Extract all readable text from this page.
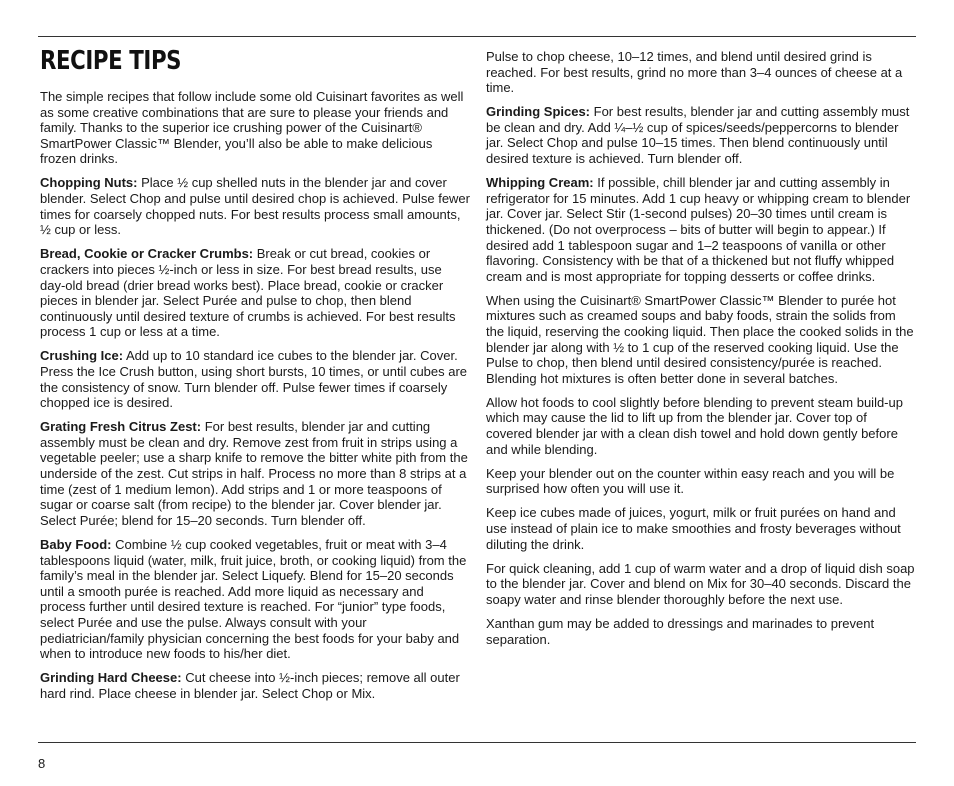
RECIPE TIPS

The simple recipes that follow include some old Cuisinart favorites as well as some creative combinations that are sure to please your friends and family. Thanks to the superior ice crushing power of the Cuisinart® SmartPower Classic™ Blender, you’ll also be able to make delicious frozen drinks.

Chopping Nuts: Place ½ cup shelled nuts in the blender jar and cover blender. Select Chop and pulse until desired chop is achieved. Pulse fewer times for coarsely chopped nuts. For best results process small amounts, ½ cup or less.

Bread, Cookie or Cracker Crumbs: Break or cut bread, cookies or crackers into pieces ½-inch or less in size. For best bread results, use day-old bread (drier bread works best). Place bread, cookie or cracker pieces in blender jar. Select Purée and pulse to chop, then blend continuously until desired texture of crumbs is achieved. For best results process 1 cup or less at a time.

Crushing Ice: Add up to 10 standard ice cubes to the blender jar. Cover. Press the Ice Crush button, using short bursts, 10 times, or until cubes are the consistency of snow. Turn blender off. Pulse fewer times if coarsely chopped ice is desired.

Grating Fresh Citrus Zest: For best results, blender jar and cutting assembly must be clean and dry. Remove zest from fruit in strips using a vegetable peeler; use a sharp knife to remove the bitter white pith from the underside of the zest. Cut strips in half. Process no more than 8 strips at a time (zest of 1 medium lemon). Add strips and 1 or more teaspoons of sugar or coarse salt (from recipe) to the blender jar. Cover blender jar. Select Purée; blend for 15–20 seconds. Turn blender off.

Baby Food: Combine ½ cup cooked vegetables, fruit or meat with 3–4 tablespoons liquid (water, milk, fruit juice, broth, or cooking liquid) from the family’s meal in the blender jar. Select Liquefy. Blend for 15–20 seconds until a smooth purée is reached. Add more liquid as necessary and process further until desired texture is reached. For “junior” type foods, select Purée and use the pulse. Always consult with your pediatrician/family physician concerning the best foods for your baby and when to introduce new foods to his/her diet.

Grinding Hard Cheese: Cut cheese into ½-inch pieces; remove all outer hard rind. Place cheese in blender jar. Select Chop or Mix.

Pulse to chop cheese, 10–12 times, and blend until desired grind is reached. For best results, grind no more than 3–4 ounces of cheese at a time.

Grinding Spices: For best results, blender jar and cutting assembly must be clean and dry. Add ¼–½ cup of spices/seeds/peppercorns to blender jar. Select Chop and pulse 10–15 times. Then blend continuously until desired texture is achieved. Turn blender off.

Whipping Cream: If possible, chill blender jar and cutting assembly in refrigerator for 15 minutes. Add 1 cup heavy or whipping cream to blender jar. Cover jar. Select Stir (1-second pulses) 20–30 times until cream is thickened. (Do not overprocess – bits of butter will begin to appear.) If desired add 1 tablespoon sugar and 1–2 teaspoons of vanilla or other flavoring. Consistency with be that of a thickened but not fluffy whipped cream and is most appropriate for topping desserts or coffee drinks.

When using the Cuisinart® SmartPower Classic™ Blender to purée hot mixtures such as creamed soups and baby foods, strain the solids from the liquid, reserving the cooking liquid. Then place the cooked solids in the blender jar along with ½ to 1 cup of the reserved cooking liquid. Use the Pulse to chop, then blend until desired consistency/purée is reached. Blending hot mixtures is often better done in several batches.

Allow hot foods to cool slightly before blending to prevent steam build-up which may cause the lid to lift up from the blender jar. Cover top of covered blender jar with a clean dish towel and hold down gently before and while blending.

Keep your blender out on the counter within easy reach and you will be surprised how often you will use it.

Keep ice cubes made of juices, yogurt, milk or fruit purées on hand and use instead of plain ice to make smoothies and frosty beverages without diluting the drink.

For quick cleaning, add 1 cup of warm water and a drop of liquid dish soap to the blender jar. Cover and blend on Mix for 30–40 seconds. Discard the soapy water and rinse blender thoroughly before the next use.

Xanthan gum may be added to dressings and marinades to prevent separation.

8
